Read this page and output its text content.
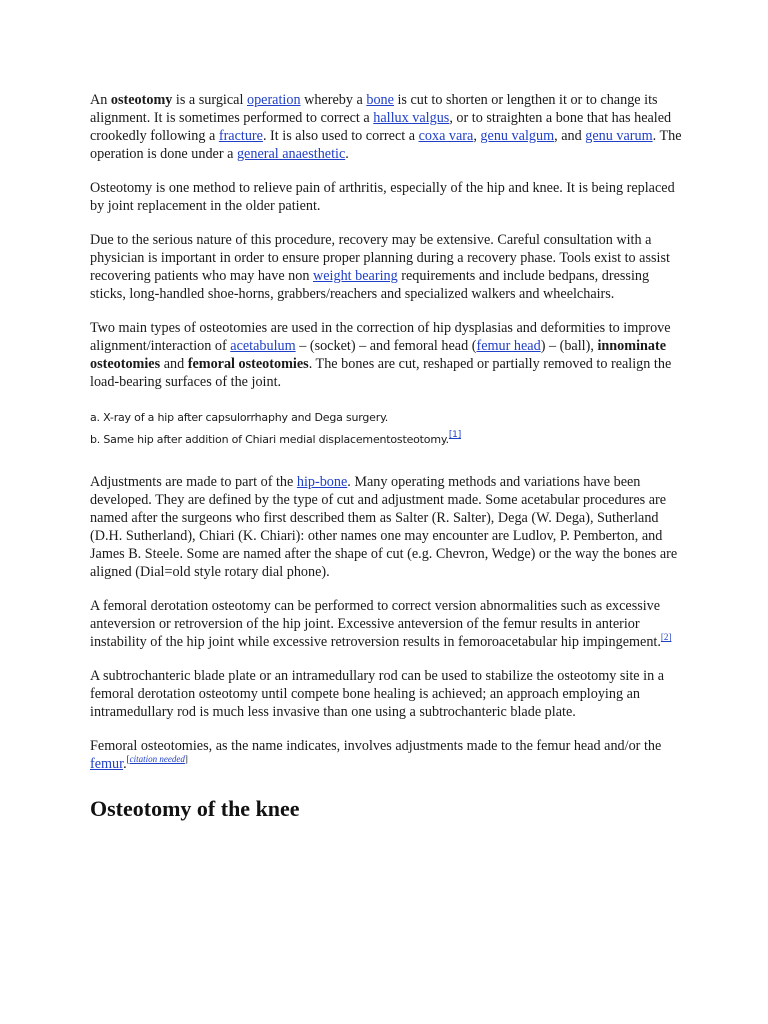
An osteotomy is a surgical operation whereby a bone is cut to shorten or lengthen it or to change its alignment. It is sometimes performed to correct a hallux valgus, or to straighten a bone that has healed crookedly following a fracture. It is also used to correct a coxa vara, genu valgum, and genu varum. The operation is done under a general anaesthetic.

Osteotomy is one method to relieve pain of arthritis, especially of the hip and knee. It is being replaced by joint replacement in the older patient.

Due to the serious nature of this procedure, recovery may be extensive. Careful consultation with a physician is important in order to ensure proper planning during a recovery phase. Tools exist to assist recovering patients who may have non weight bearing requirements and include bedpans, dressing sticks, long-handled shoe-horns, grabbers/reachers and specialized walkers and wheelchairs.

Two main types of osteotomies are used in the correction of hip dysplasias and deformities to improve alignment/interaction of acetabulum – (socket) – and femoral head (femur head) – (ball), innominate osteotomies and femoral osteotomies. The bones are cut, reshaped or partially removed to realign the load-bearing surfaces of the joint.

a. X-ray of a hip after capsulorrhaphy and Dega surgery.
b. Same hip after addition of Chiari medial displacementosteotomy.[1]

Adjustments are made to part of the hip-bone. Many operating methods and variations have been developed. They are defined by the type of cut and adjustment made. Some acetabular procedures are named after the surgeons who first described them as Salter (R. Salter), Dega (W. Dega), Sutherland (D.H. Sutherland), Chiari (K. Chiari): other names one may encounter are Ludlov, P. Pemberton, and James B. Steele. Some are named after the shape of cut (e.g. Chevron, Wedge) or the way the bones are aligned (Dial=old style rotary dial phone).

A femoral derotation osteotomy can be performed to correct version abnormalities such as excessive anteversion or retroversion of the hip joint. Excessive anteversion of the femur results in anterior instability of the hip joint while excessive retroversion results in femoroacetabular hip impingement.[2]

A subtrochanteric blade plate or an intramedullary rod can be used to stabilize the osteotomy site in a femoral derotation osteotomy until compete bone healing is achieved; an approach employing an intramedullary rod is much less invasive than one using a subtrochanteric blade plate.

Femoral osteotomies, as the name indicates, involves adjustments made to the femur head and/or the femur.[citation needed]

Osteotomy of the knee
